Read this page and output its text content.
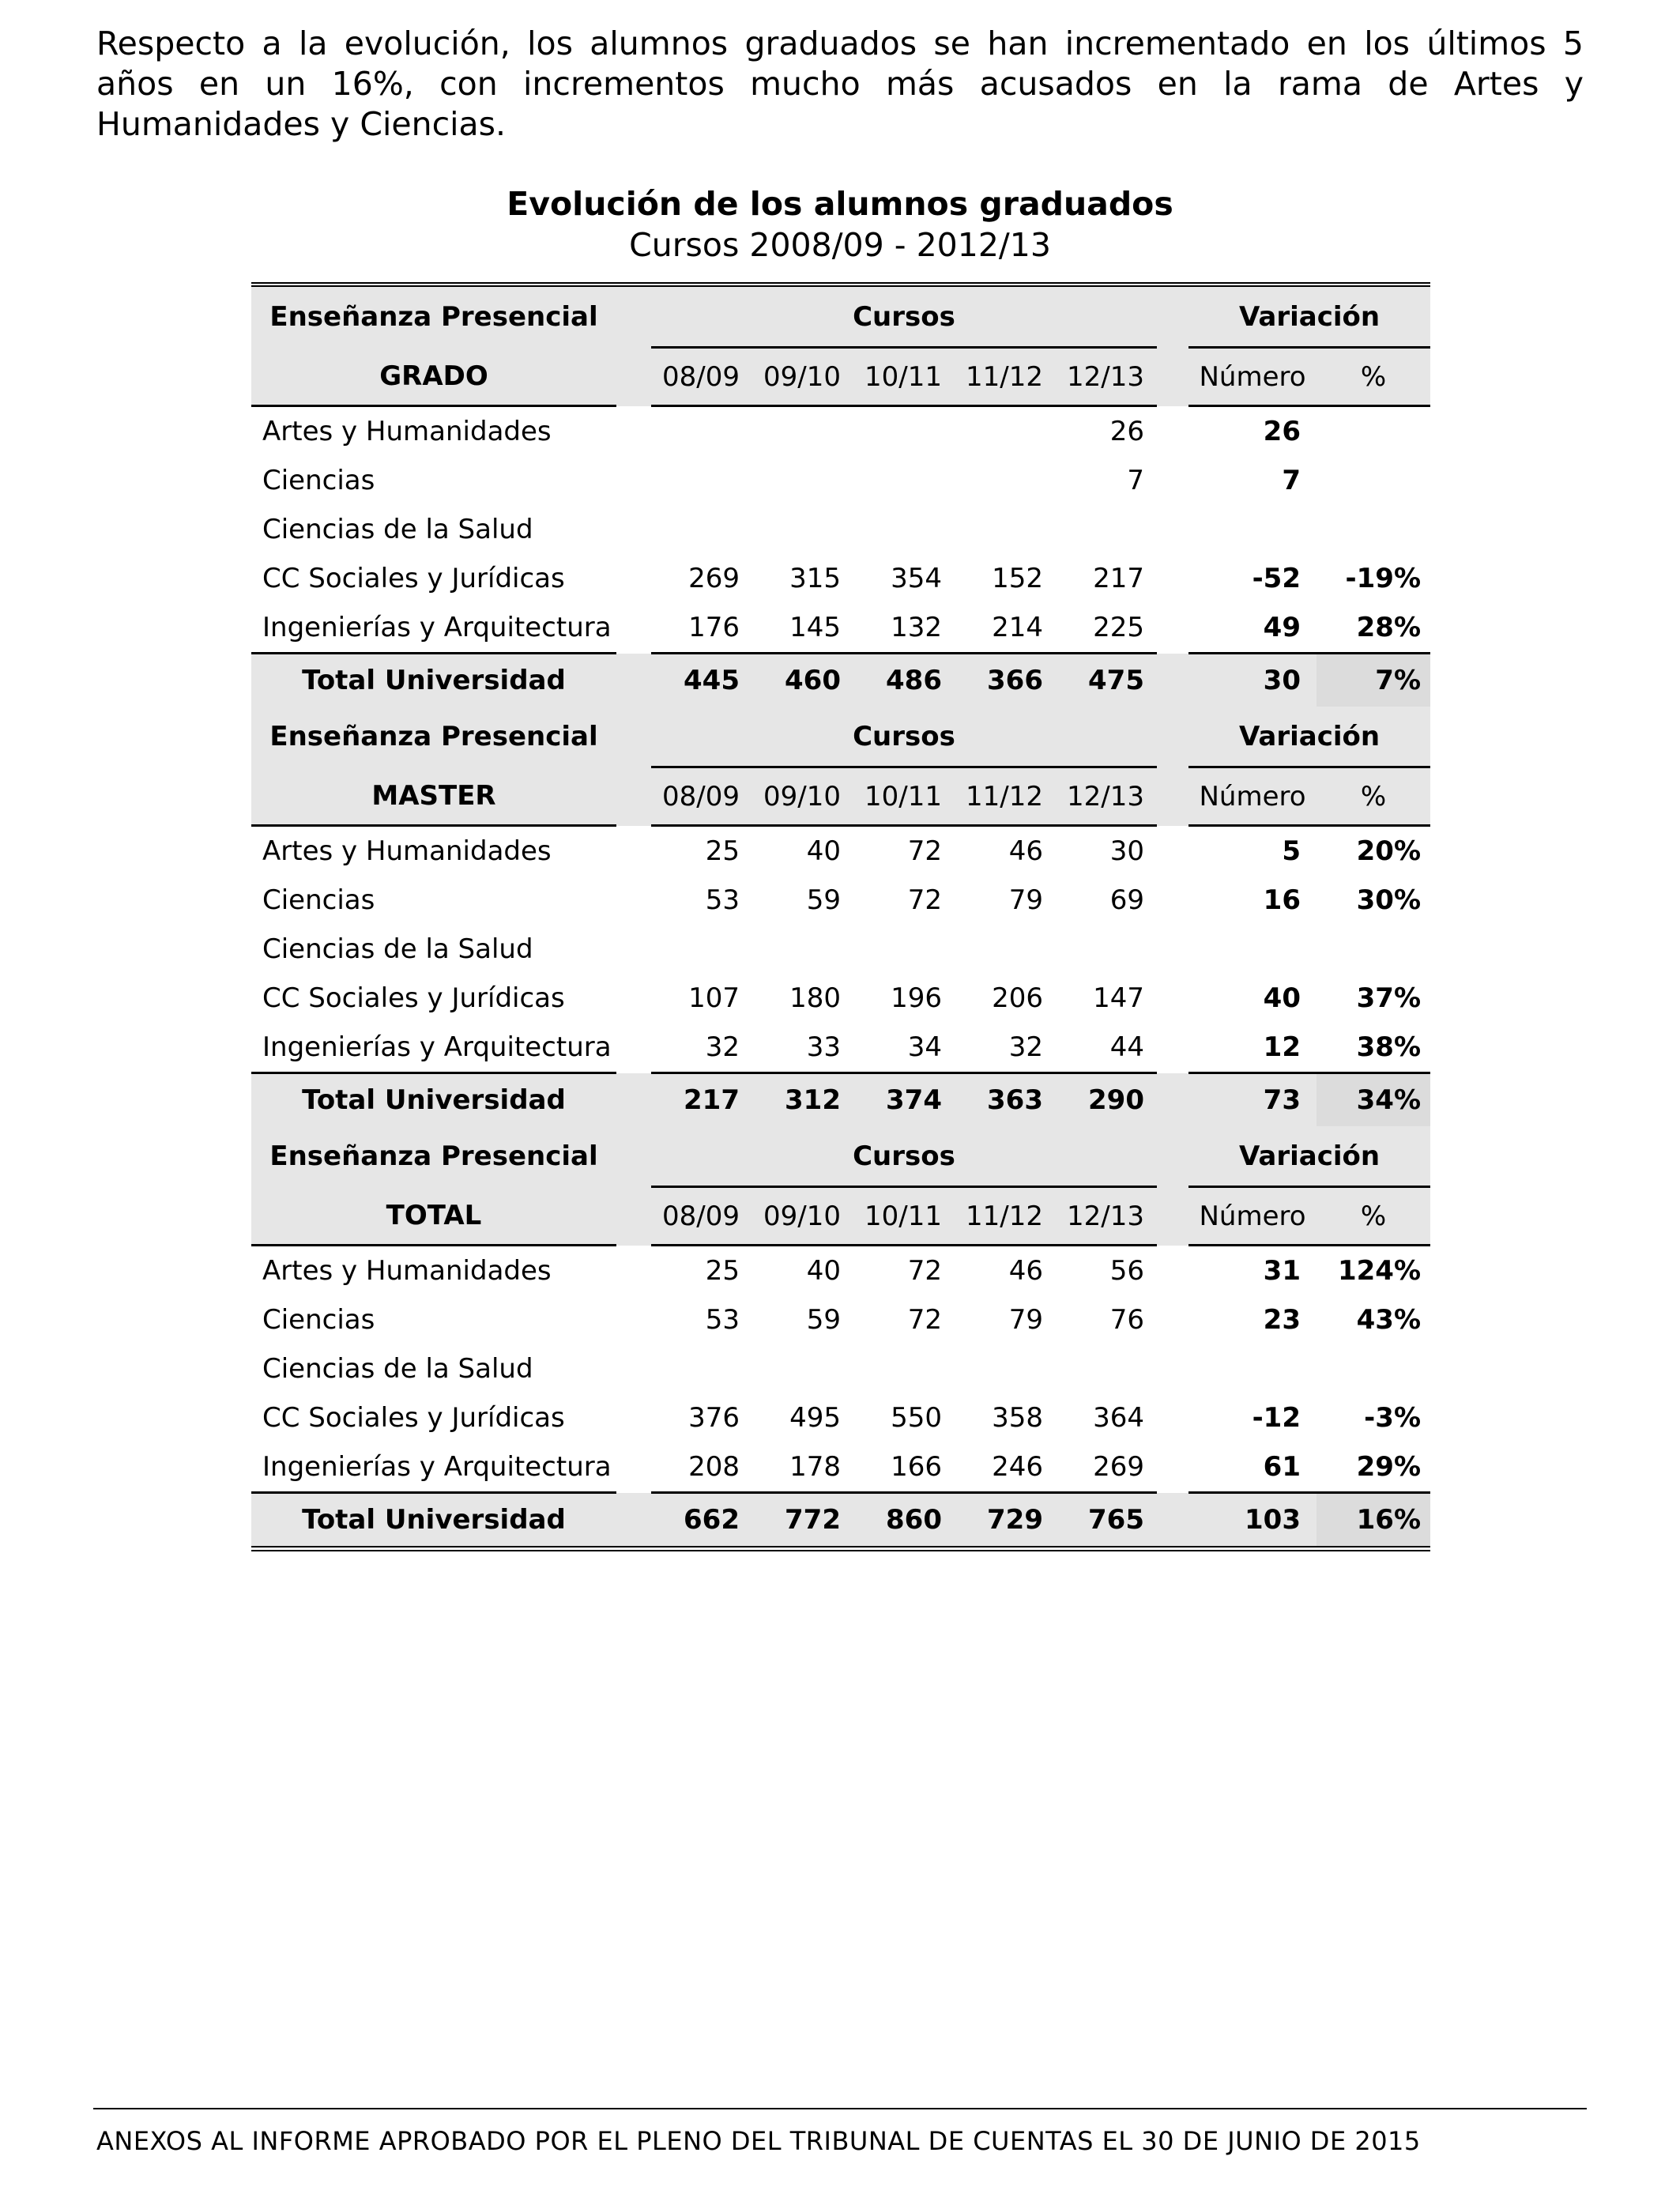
Respecto a la evolución, los alumnos graduados se han incrementado en los últimos 5 años en un 16%, con incrementos mucho más acusados en la rama de Artes y Humanidades y Ciencias.

Evolución de los alumnos graduados
Cursos 2008/09 - 2012/13
Enseñanza Presencial		Cursos						Variación	
GRADO		08/09	09/10	10/11	11/12	12/13		Número	%
Artes y Humanidades						26		26	
Ciencias						7		7	
Ciencias de la Salud									
CC Sociales y Jurídicas		269	315	354	152	217		-52	-19%
Ingenierías y Arquitectura		176	145	132	214	225		49	28%
Total Universidad		445	460	486	366	475		30	7%
Enseñanza Presencial		Cursos						Variación	
MASTER		08/09	09/10	10/11	11/12	12/13		Número	%
Artes y Humanidades		25	40	72	46	30		5	20%
Ciencias		53	59	72	79	69		16	30%
Ciencias de la Salud									
CC Sociales y Jurídicas		107	180	196	206	147		40	37%
Ingenierías y Arquitectura		32	33	34	32	44		12	38%
Total Universidad		217	312	374	363	290		73	34%
Enseñanza Presencial		Cursos						Variación	
TOTAL		08/09	09/10	10/11	11/12	12/13		Número	%
Artes y Humanidades		25	40	72	46	56		31	124%
Ciencias		53	59	72	79	76		23	43%
Ciencias de la Salud									
CC Sociales y Jurídicas		376	495	550	358	364		-12	-3%
Ingenierías y Arquitectura		208	178	166	246	269		61	29%
Total Universidad		662	772	860	729	765		103	16%

ANEXOS AL INFORME APROBADO POR EL PLENO DEL TRIBUNAL DE CUENTAS EL 30 DE JUNIO DE 2015
